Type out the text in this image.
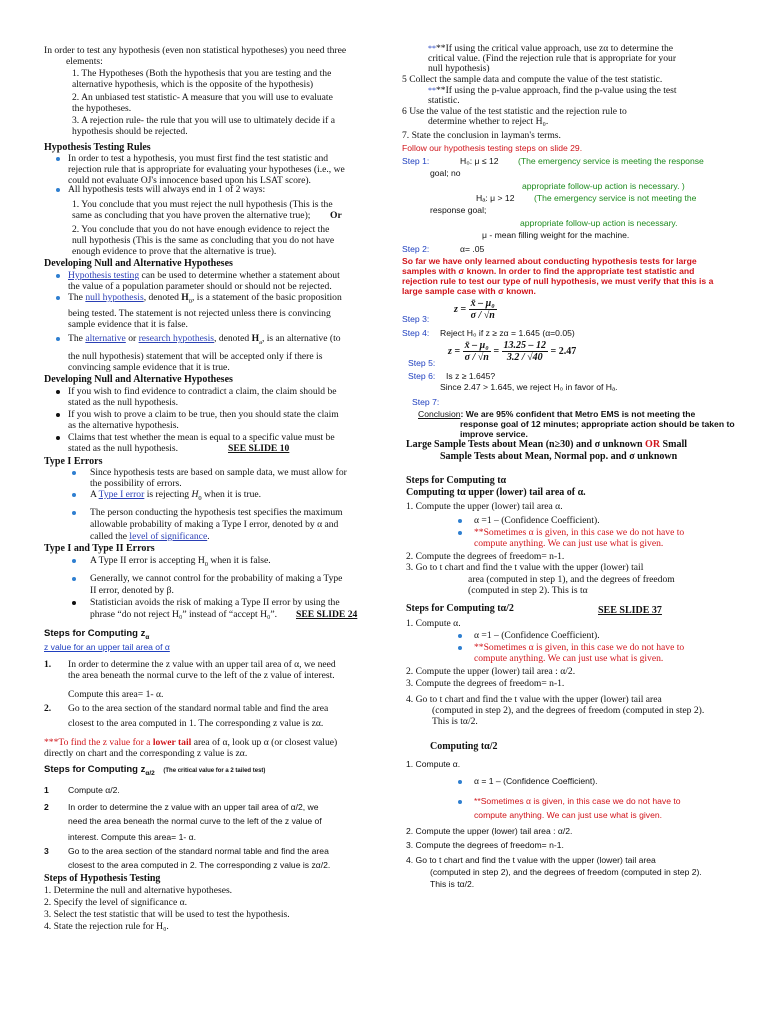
In order to test any hypothesis (even non statistical hypotheses) you need three
elements:
1. The Hypotheses (Both the hypothesis that you are testing and the
alternative hypothesis, which is the opposite of the hypothesis)
2. An unbiased test statistic- A measure that you will use to evaluate
the hypotheses.
3. A rejection rule- the rule that you will use to ultimately decide if a
hypothesis should be rejected.
Hypothesis Testing Rules
In order to test a hypothesis, you must first find the test statistic and
rejection rule that is appropriate for evaluating your hypotheses (i.e., we
could not evaluate OJ's innocence based upon his LSAT score).
All hypothesis tests will always end in 1 of 2 ways:
1. You conclude that you must reject the null hypothesis (This is the
same as concluding that you have proven the alternative true); Or
2. You conclude that you do not have enough evidence to reject the
null hypothesis (This is the same as concluding that you do not have
enough evidence to prove that the alternative is true).
Developing Null and Alternative Hypotheses
Hypothesis testing can be used to determine whether a statement about
the value of a population parameter should or should not be rejected.
The null hypothesis, denoted $H_0$, is a statement of the basic proposition
being tested. The statement is not rejected unless there is convincing
sample evidence that it is false.
The alternative or research hypothesis, denoted $H_a$, is an alternative (to
the null hypothesis) statement that will be accepted only if there is
convincing sample evidence that it is true.
Developing Null and Alternative Hypotheses
If you wish to find evidence to contradict a claim, the claim should be
stated as the null hypothesis.
If you wish to prove a claim to be true, then you should state the claim
as the alternative hypothesis.
Claims that test whether the mean is equal to a specific value must be
stated as the null hypothesis.	SEE SLIDE 10
Type I Errors
Since hypothesis tests are based on sample data, we must allow for
the possibility of errors.
A Type I error is rejecting $H_0$ when it is true.
The person conducting the hypothesis test specifies the maximum
allowable probability of making a Type I error, denoted by α and
called the level of significance.
Type I and Type II Errors
A Type II error is accepting $H_0$ when it is false.
Generally, we cannot control for the probability of making a Type
II error, denoted by β.
Statistician avoids the risk of making a Type II error by using the
phrase “do not reject H₀” instead of “accept H₀”. SEE SLIDE 24
Steps for Computing $z_\alpha$
z value for an upper tail area of α
1. In order to determine the z value with an upper tail area of α, we need
the area beneath the normal curve to the left of the z value of interest.
Compute this area= 1- α.
2. Go to the area section of the standard normal table and find the area
closest to the area computed in 1. The corresponding z value is zα.
***To find the z value for a lower tail area of α, look up α (or closest value)
directly on chart and the corresponding z value is zα.
Steps for Computing $z_{\alpha/2}$ (The critical value for a 2 tailed test)
1 Compute α/2.
2 In order to determine the z value with an upper tail area of α/2, we
need the area beneath the normal curve to the left of the z value of
interest. Compute this area= 1- α.
3 Go to the area section of the standard normal table and find the area
closest to the area computed in 2. The corresponding z value is zα/2.
Steps of Hypothesis Testing
1. Determine the null and alternative hypotheses.
2. Specify the level of significance α.
3. Select the test statistic that will be used to test the hypothesis.
4. State the rejection rule for H₀.
****If using the critical value approach, use zα to determine the
critical value. (Find the rejection rule that is appropriate for your
null hypothesis)
5 Collect the sample data and compute the value of the test statistic.
****If using the p-value approach, find the p-value using the test
statistic.
6 Use the value of the test statistic and the rejection rule to
determine whether to reject H₀.
7. State the conclusion in layman's terms.
Follow our hypothesis testing steps on slide 29.
Step 1:	H₀: μ ≤ 12 (The emergency service is meeting the response
goal; no
appropriate follow-up action is necessary. )
Hₐ: μ > 12 (The emergency service is not meeting the
response goal;
appropriate follow-up action is necessary.
μ - mean filling weight for the machine.
Step 2:	α= .05
So far we have only learned about conducting hypothesis tests for large
samples with σ known. In order to find the appropriate test statistic and
rejection rule to test our type of null hypothesis, we must verify that this is a
large sample case with σ known.
$z = \frac{\text{x̄ – μ₀}}{\sigma / √n}$
Step 3:
Step 4: Reject H₀ if z ≥ zα = 1.645 (α=0.05)
$z = \frac{\text{x̄ – μ₀}}{\sigma / √n} = \frac{13.25 - 12}{3.2 / √40} = 2.47$
Step 5:
Step 6: Is z ≥ 1.645?
Since 2.47 > 1.645, we reject H₀ in favor of Hₐ.
Step 7:
Conclusion: We are 95% confident that Metro EMS is not meeting the
response goal of 12 minutes; appropriate action should be taken to
improve service.
Large Sample Tests about Mean (n≥30) and σ unknown OR Small
Sample Tests about Mean, Normal pop. and σ unknown
Steps for Computing tα
Computing tα upper (lower) tail area of α.
1. Compute the upper (lower) tail area α.
α =1 – (Confidence Coefficient).
**Sometimes α is given, in this case we do not have to
compute anything. We can just use what is given.
2. Compute the degrees of freedom= n-1.
3. Go to t chart and find the t value with the upper (lower) tail
area (computed in step 1), and the degrees of freedom
(computed in step 2). This is tα
Steps for Computing tα/2	SEE SLIDE 37
1. Compute α.
α =1 – (Confidence Coefficient).
**Sometimes α is given, in this case we do not have to
compute anything. We can just use what is given.
2. Compute the upper (lower) tail area : α/2.
3. Compute the degrees of freedom= n-1.
4. Go to t chart and find the t value with the upper (lower) tail area
(computed in step 2), and the degrees of freedom (computed in step 2).
This is tα/2.
Computing tα/2
1. Compute α.
α = 1 – (Confidence Coefficient).
**Sometimes α is given, in this case we do not have to
compute anything. We can just use what is given.
2. Compute the upper (lower) tail area : α/2.
3. Compute the degrees of freedom= n-1.
4. Go to t chart and find the t value with the upper (lower) tail area
(computed in step 2), and the degrees of freedom (computed in step 2).
This is tα/2.
